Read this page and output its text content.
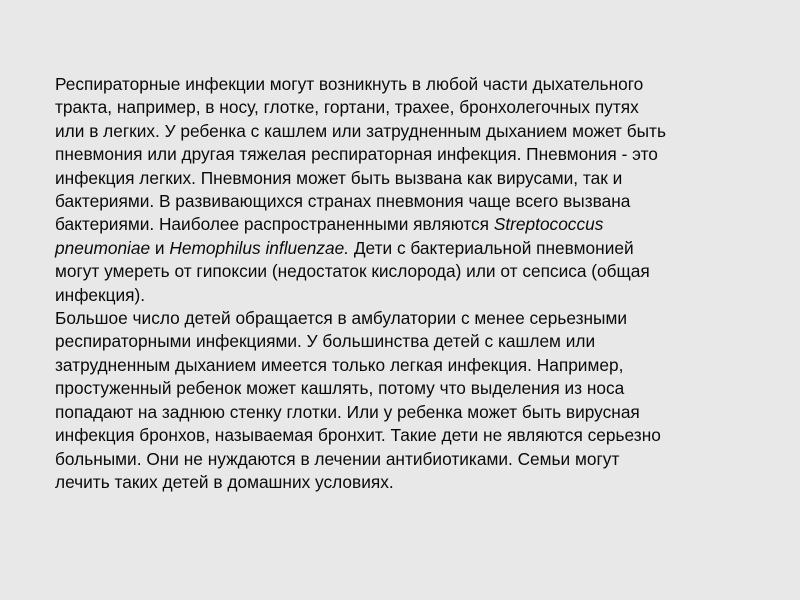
Респираторные инфекции могут возникнуть в любой части дыхательного
тракта, например, в носу, глотке, гортани, трахее, бронхолегочных путях
или в легких. У ребенка с кашлем или затрудненным дыханием может быть
пневмония или другая тяжелая респираторная инфекция. Пневмония - это
инфекция легких. Пневмония может быть вызвана как вирусами, так и
бактериями. В развивающихся странах пневмония чаще всего вызвана
бактериями. Наиболее распространенными являются Streptococcus
pneumoniae и Hemophilus influenzae. Дети с бактериальной пневмонией
могут умереть от гипоксии (недостаток кислорода) или от сепсиса (общая
инфекция).
Большое число детей обращается в амбулатории с менее серьезными
респираторными инфекциями. У большинства детей с кашлем или
затрудненным дыханием имеется только легкая инфекция. Например,
простуженный ребенок может кашлять, потому что выделения из носа
попадают на заднюю стенку глотки. Или у ребенка может быть вирусная
инфекция бронхов, называемая бронхит. Такие дети не являются серьезно
больными. Они не нуждаются в лечении антибиотиками. Семьи могут
лечить таких детей в домашних условиях.
